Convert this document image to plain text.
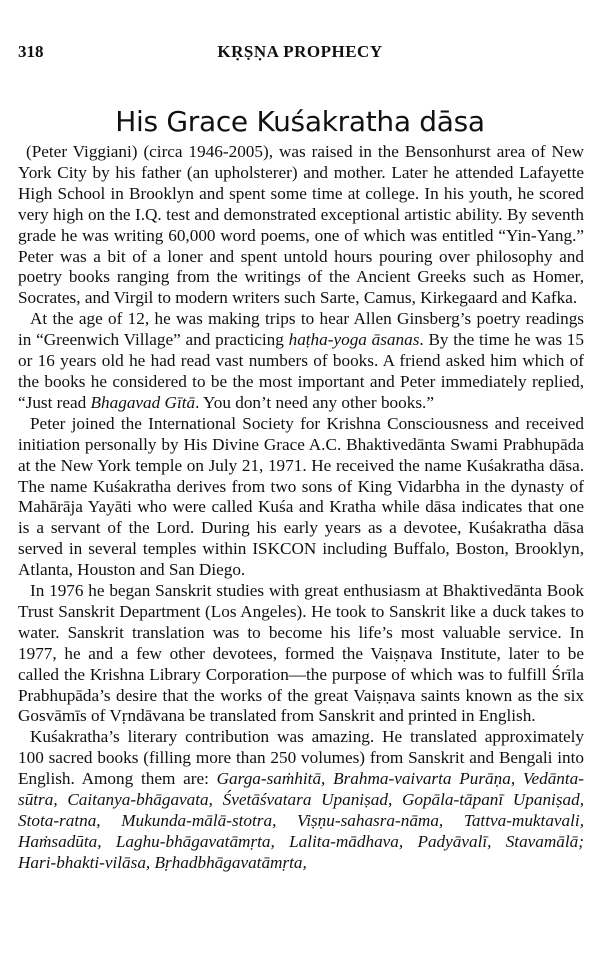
318	KṚṢṆA PROPHECY
His Grace Kuśakratha dāsa

(Peter Viggiani) (circa 1946-2005), was raised in the Bensonhurst area of New York City by his father (an upholsterer) and mother. Later he attended Lafayette High School in Brooklyn and spent some time at college. In his youth, he scored very high on the I.Q. test and demonstrated exceptional artistic ability. By seventh grade he was writing 60,000 word poems, one of which was entitled “Yin-Yang.” Peter was a bit of a loner and spent untold hours pouring over philosophy and poetry books ranging from the writings of the Ancient Greeks such as Homer, Socrates, and Virgil to modern writers such Sarte, Camus, Kirkegaard and Kafka.

At the age of 12, he was making trips to hear Allen Ginsberg’s poetry readings in “Greenwich Village” and practicing haṭha-yoga āsanas. By the time he was 15 or 16 years old he had read vast numbers of books. A friend asked him which of the books he considered to be the most important and Peter immediately replied, “Just read Bhagavad Gītā. You don’t need any other books.”

Peter joined the International Society for Krishna Consciousness and received initiation personally by His Divine Grace A.C. Bhaktivedānta Swami Prabhupāda at the New York temple on July 21, 1971. He received the name Kuśakratha dāsa. The name Kuśakratha derives from two sons of King Vidarbha in the dynasty of Mahārāja Yayāti who were called Kuśa and Kratha while dāsa indicates that one is a servant of the Lord. During his early years as a devotee, Kuśakratha dāsa served in several temples within ISKCON including Buffalo, Boston, Brooklyn, Atlanta, Houston and San Diego.

In 1976 he began Sanskrit studies with great enthusiasm at Bhaktivedānta Book Trust Sanskrit Department (Los Angeles). He took to Sanskrit like a duck takes to water. Sanskrit translation was to become his life’s most valuable service. In 1977, he and a few other devotees, formed the Vaiṣṇava Institute, later to be called the Krishna Library Corporation—the purpose of which was to fulfill Śrīla Prabhupāda’s desire that the works of the great Vaiṣṇava saints known as the six Gosvāmīs of Vṛndāvana be translated from Sanskrit and printed in English.

Kuśakratha’s literary contribution was amazing. He translated approximately 100 sacred books (filling more than 250 volumes) from Sanskrit and Bengali into English. Among them are: Garga-saṁhitā, Brahma-vaivarta Purāṇa, Vedānta-sūtra, Caitanya-bhāgavata, Śvetāśvatara Upaniṣad, Gopāla-tāpanī Upaniṣad, Stota-ratna, Mukunda-mālā-stotra, Viṣṇu-sahasra-nāma, Tattva-muktavali, Haṁsadūta, Laghu-bhāgavatāmṛta, Lalita-mādhava, Padyāvalī, Stavamālā; Hari-bhakti-vilāsa, Bṛhadbhāgavatāmṛta,
